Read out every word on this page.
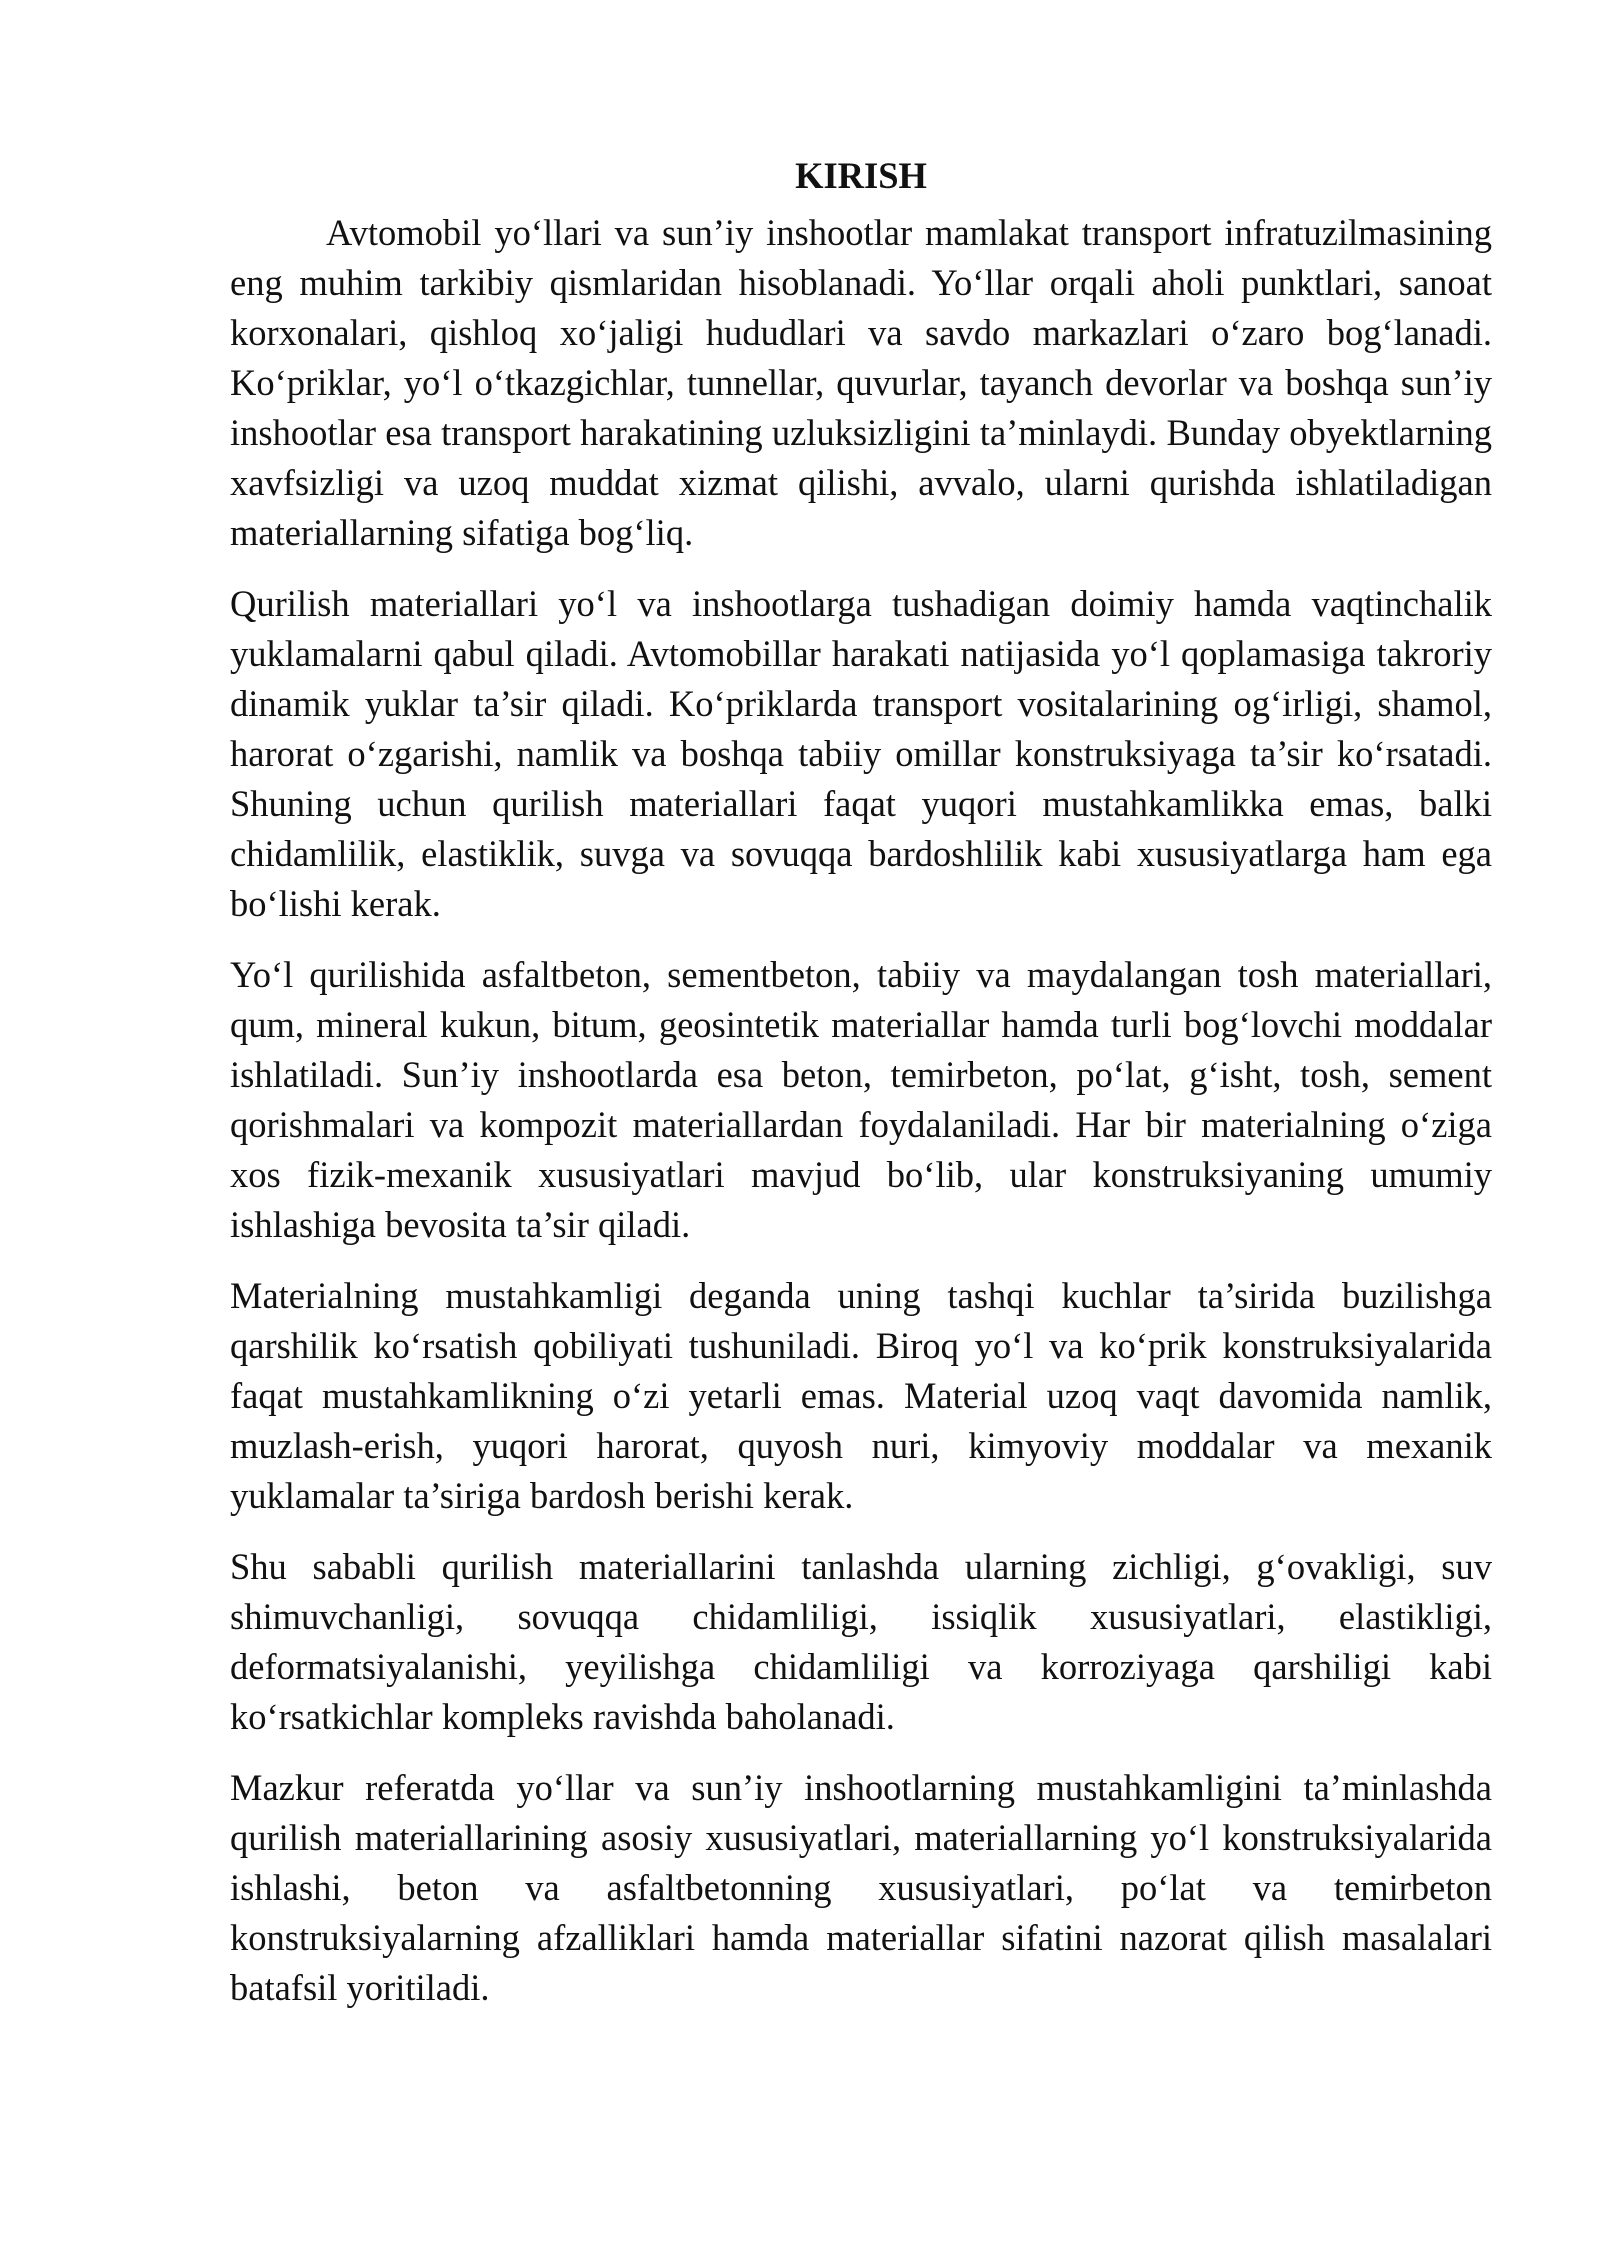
KIRISH

Avtomobil yo‘llari va sun’iy inshootlar mamlakat transport infratuzilmasining eng muhim tarkibiy qismlaridan hisoblanadi. Yo‘llar orqali aholi punktlari, sanoat korxonalari, qishloq xo‘jaligi hududlari va savdo markazlari o‘zaro bog‘lanadi. Ko‘priklar, yo‘l o‘tkazgichlar, tunnellar, quvurlar, tayanch devorlar va boshqa sun’iy inshootlar esa transport harakatining uzluksizligini ta’minlaydi. Bunday obyektlarning xavfsizligi va uzoq muddat xizmat qilishi, avvalo, ularni qurishda ishlatiladigan materiallarning sifatiga bog‘liq.

Qurilish materiallari yo‘l va inshootlarga tushadigan doimiy hamda vaqtinchalik yuklamalarni qabul qiladi. Avtomobillar harakati natijasida yo‘l qoplamasiga takroriy dinamik yuklar ta’sir qiladi. Ko‘priklarda transport vositalarining og‘irligi, shamol, harorat o‘zgarishi, namlik va boshqa tabiiy omillar konstruksiyaga ta’sir ko‘rsatadi. Shuning uchun qurilish materiallari faqat yuqori mustahkamlikka emas, balki chidamlilik, elastiklik, suvga va sovuqqa bardoshlilik kabi xususiyatlarga ham ega bo‘lishi kerak.

Yo‘l qurilishida asfaltbeton, sementbeton, tabiiy va maydalangan tosh materiallari, qum, mineral kukun, bitum, geosintetik materiallar hamda turli bog‘lovchi moddalar ishlatiladi. Sun’iy inshootlarda esa beton, temirbeton, po‘lat, g‘isht, tosh, sement qorishmalari va kompozit materiallardan foydalaniladi. Har bir materialning o‘ziga xos fizik-mexanik xususiyatlari mavjud bo‘lib, ular konstruksiyaning umumiy ishlashiga bevosita ta’sir qiladi.

Materialning mustahkamligi deganda uning tashqi kuchlar ta’sirida buzilishga qarshilik ko‘rsatish qobiliyati tushuniladi. Biroq yo‘l va ko‘prik konstruksiyalarida faqat mustahkamlikning o‘zi yetarli emas. Material uzoq vaqt davomida namlik, muzlash-erish, yuqori harorat, quyosh nuri, kimyoviy moddalar va mexanik yuklamalar ta’siriga bardosh berishi kerak.

Shu sababli qurilish materiallarini tanlashda ularning zichligi, g‘ovakligi, suv shimuvchanligi, sovuqqa chidamliligi, issiqlik xususiyatlari, elastikligi, deformatsiyalanishi, yeyilishga chidamliligi va korroziyaga qarshiligi kabi ko‘rsatkichlar kompleks ravishda baholanadi.

Mazkur referatda yo‘llar va sun’iy inshootlarning mustahkamligini ta’minlashda qurilish materiallarining asosiy xususiyatlari, materiallarning yo‘l konstruksiyalarida ishlashi, beton va asfaltbetonning xususiyatlari, po‘lat va temirbeton konstruksiyalarning afzalliklari hamda materiallar sifatini nazorat qilish masalalari batafsil yoritiladi.
